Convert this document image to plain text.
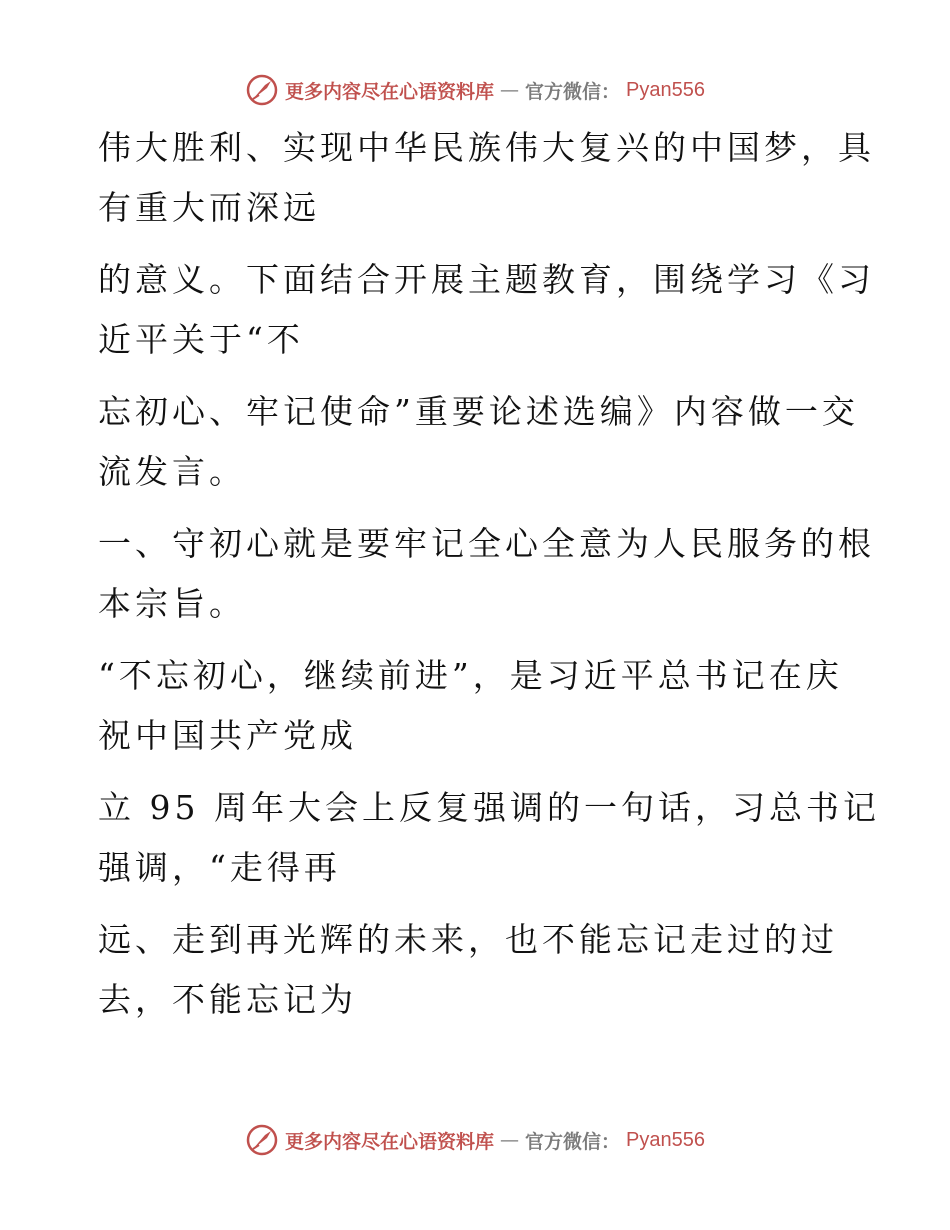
更多内容尽在心语资料库 — 官方微信： Pyan556
伟大胜利、实现中华民族伟大复兴的中国梦，具
有重大而深远
的意义。下面结合开展主题教育，围绕学习《习
近平关于“不
忘初心、牢记使命”重要论述选编》内容做一交
流发言。
一、守初心就是要牢记全心全意为人民服务的根
本宗旨。
“不忘初心，继续前进”，是习近平总书记在庆
祝中国共产党成
立 95 周年大会上反复强调的一句话，习总书记
强调，“走得再
远、走到再光辉的未来，也不能忘记走过的过
去，不能忘记为
更多内容尽在心语资料库 — 官方微信： Pyan556
